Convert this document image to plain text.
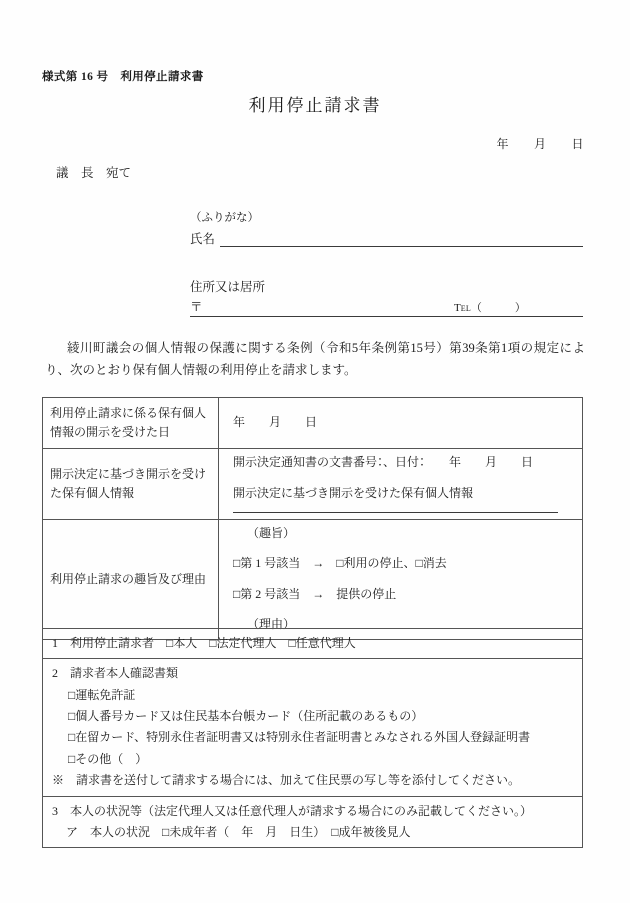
様式第 16 号　利用停止請求書
利用停止請求書
年　　月　　日
議　長　宛て
（ふりがな）
氏名
住所又は居所
〒	TEL（　　　）
綾川町議会の個人情報の保護に関する条例（令和5年条例第15号）第39条第1項の規定により、次のとおり保有個人情報の利用停止を請求します。
利用停止請求に係る保有個人情報の開示を受けた日	年　　月　　日
開示決定に基づき開示を受けた保有個人情報	開示決定通知書の文書番号：、日付：　　年　　月　　日

開示決定に基づき開示を受けた保有個人情報

利用停止請求の趣旨及び理由	（趣旨）

□第 1 号該当　→　□利用の停止、□消去

□第 2 号該当　→　提供の停止

（理由）

1　利用停止請求者　□本人　□法定代理人　□任意代理人

2　請求者本人確認書類

□運転免許証

□個人番号カード又は住民基本台帳カード（住所記載のあるもの）

□在留カード、特別永住者証明書又は特別永住者証明書とみなされる外国人登録証明書

□その他（　）

※　請求書を送付して請求する場合には、加えて住民票の写し等を添付してください。

3　本人の状況等（法定代理人又は任意代理人が請求する場合にのみ記載してください。）

ア　本人の状況　□未成年者（　年　月　日生）　□成年被後見人
